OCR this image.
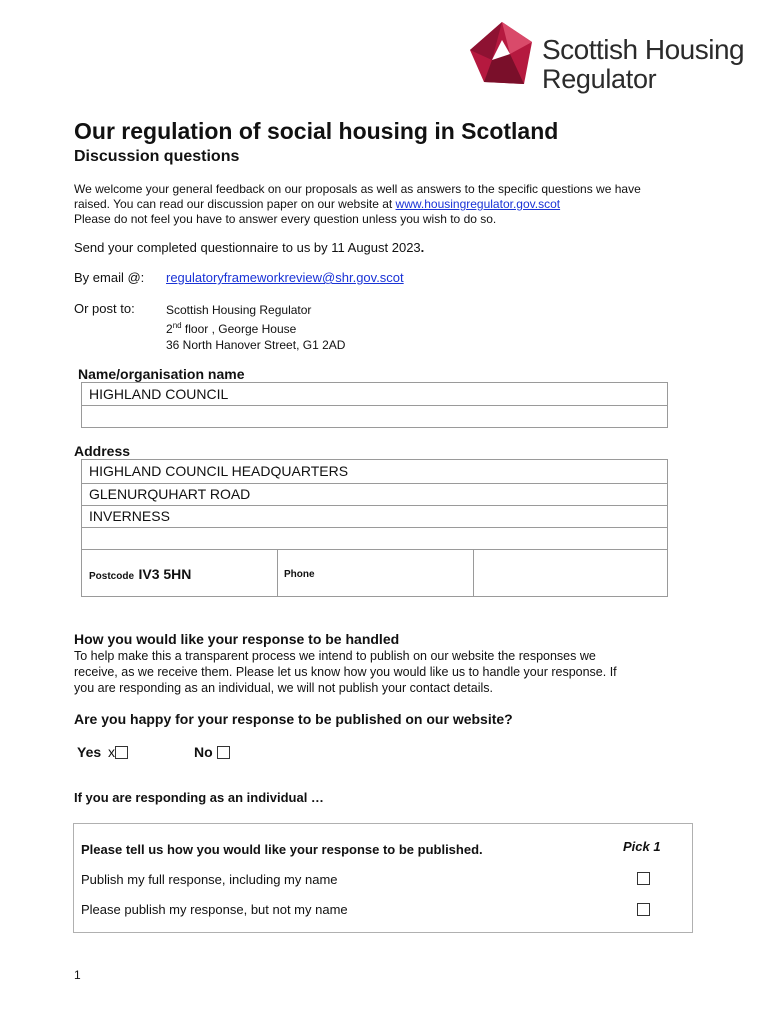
Scottish Housing
Regulator
Our regulation of social housing in Scotland
Discussion questions
We welcome your general feedback on our proposals as well as answers to the specific questions we have
raised. You can read our discussion paper on our website at www.housingregulator.gov.scot
Please do not feel you have to answer every question unless you wish to do so.
Send your completed questionnaire to us by 11 August 2023.
By email @: regulatoryframeworkreview@shr.gov.scot
Or post to:	Scottish Housing Regulator
2nd floor , George House
36 North Hanover Street, G1 2AD
Name/organisation name
HIGHLAND COUNCIL
Address
HIGHLAND COUNCIL HEADQUARTERS
GLENURQUHART ROAD
INVERNESS
Postcode IV3 5HN	Phone
How you would like your response to be handled
To help make this a transparent process we intend to publish on our website the responses we
receive, as we receive them. Please let us know how you would like us to handle your response. If
you are responding as an individual, we will not publish your contact details.
Are you happy for your response to be published on our website?
Yes x	No
If you are responding as an individual …
Please tell us how you would like your response to be published.	Pick 1
Publish my full response, including my name
Please publish my response, but not my name
1
